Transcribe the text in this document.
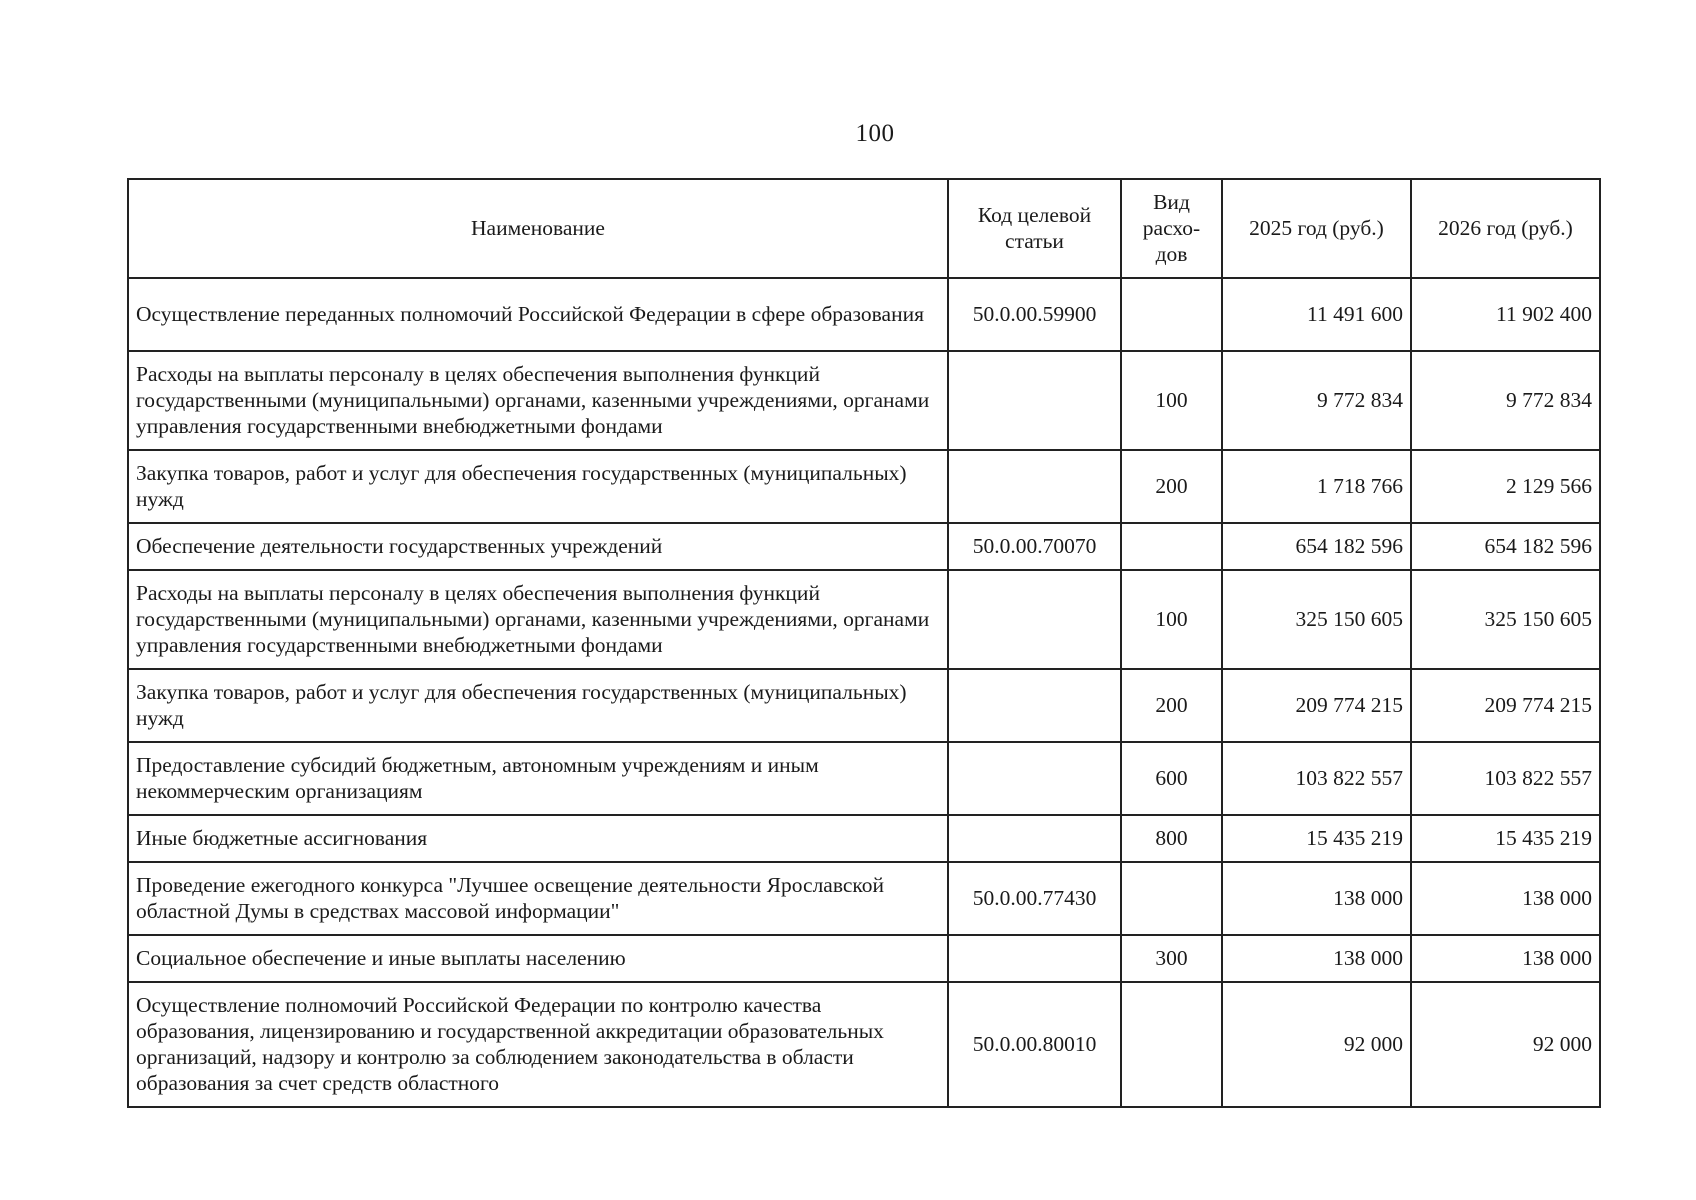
100
Наименование	Код целевой статьи	Вид расхо-дов	2025 год (руб.)	2026 год (руб.)
Осуществление переданных полномочий Российской Федерации в сфере образования	50.0.00.59900		11 491 600	11 902 400
Расходы на выплаты персоналу в целях обеспечения выполнения функций государственными (муниципальными) органами, казенными учреждениями, органами управления государственными внебюджетными фондами		100	9 772 834	9 772 834
Закупка товаров, работ и услуг для обеспечения государственных (муниципальных) нужд		200	1 718 766	2 129 566
Обеспечение деятельности государственных учреждений	50.0.00.70070		654 182 596	654 182 596
Расходы на выплаты персоналу в целях обеспечения выполнения функций государственными (муниципальными) органами, казенными учреждениями, органами управления государственными внебюджетными фондами		100	325 150 605	325 150 605
Закупка товаров, работ и услуг для обеспечения государственных (муниципальных) нужд		200	209 774 215	209 774 215
Предоставление субсидий бюджетным, автономным учреждениям и иным некоммерческим организациям		600	103 822 557	103 822 557
Иные бюджетные ассигнования		800	15 435 219	15 435 219
Проведение ежегодного конкурса "Лучшее освещение деятельности Ярославской областной Думы в средствах массовой информации"	50.0.00.77430		138 000	138 000
Социальное обеспечение и иные выплаты населению		300	138 000	138 000
Осуществление полномочий Российской Федерации по контролю качества образования, лицензированию и государственной аккредитации образовательных организаций, надзору и контролю за соблюдением законодательства в области образования за счет средств областного	50.0.00.80010		92 000	92 000
